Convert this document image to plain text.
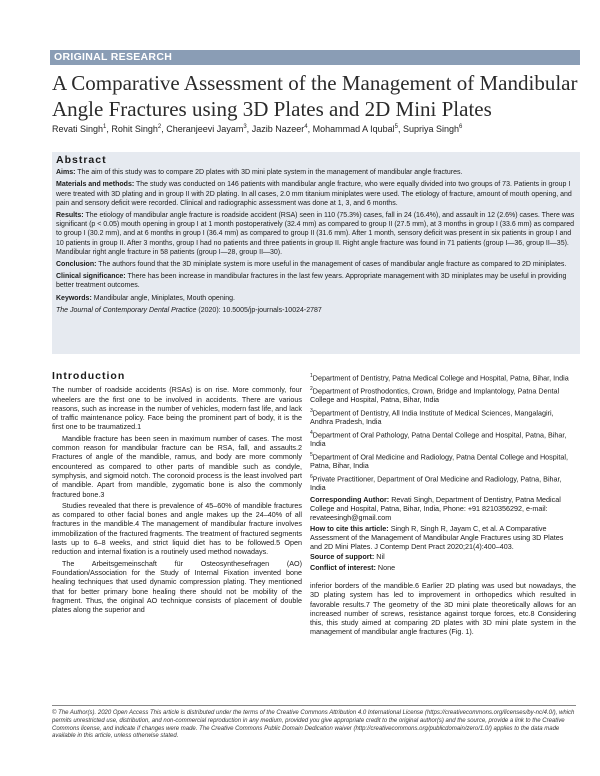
ORIGINAL RESEARCH
A Comparative Assessment of the Management of Mandibular Angle Fractures using 3D Plates and 2D Mini Plates
Revati Singh$^1$, Rohit Singh$^2$, Cheranjeevi Jayam$^3$, Jazib Nazeer$^4$, Mohammad A Iqubal$^5$, Supriya Singh$^6$
Abstract

Aims: The aim of this study was to compare 2D plates with 3D mini plate system in the management of mandibular angle fractures.

Materials and methods: The study was conducted on 146 patients with mandibular angle fracture, who were equally divided into two groups of 73. Patients in group I were treated with 3D plating and in group II with 2D plating. In all cases, 2.0 mm titanium miniplates were used. The etiology of fracture, amount of mouth opening, and pain and sensory deficit were recorded. Clinical and radiographic assessment was done at 1, 3, and 6 months.

Results: The etiology of mandibular angle fracture is roadside accident (RSA) seen in 110 (75.3%) cases, fall in 24 (16.4%), and assault in 12 (2.6%) cases. There was significant (p < 0.05) mouth opening in group I at 1 month postoperatively (32.4 mm) as compared to group II (27.5 mm), at 3 months in group I (33.6 mm) as compared to group I (30.2 mm), and at 6 months in group I (36.4 mm) as compared to group II (31.6 mm). After 1 month, sensory deficit was present in six patients in group I and 10 patients in group II. After 3 months, group I had no patients and three patients in group II. Right angle fracture was found in 71 patients (group I—36, group II—35). Mandibular right angle fracture in 58 patients (group I—28, group II—30).

Conclusion: The authors found that the 3D miniplate system is more useful in the management of cases of mandibular angle fracture as compared to 2D miniplates.

Clinical significance: There has been increase in mandibular fractures in the last few years. Appropriate management with 3D miniplates may be useful in providing better treatment outcomes.

Keywords: Mandibular angle, Miniplates, Mouth opening.

The Journal of Contemporary Dental Practice (2020): 10.5005/jp-journals-10024-2787

Introduction

The number of roadside accidents (RSAs) is on rise. More commonly, four wheelers are the first one to be involved in accidents. There are various reasons, such as increase in the number of vehicles, modern fast life, and lack of traffic maintenance policy. Face being the prominent part of body, it is the first one to be traumatized.1

Mandible fracture has been seen in maximum number of cases. The most common reason for mandibular fracture can be RSA, fall, and assaults.2 Fractures of angle of the mandible, ramus, and body are more commonly encountered as compared to other parts of mandible such as condyle, symphysis, and sigmoid notch. The coronoid process is the least involved part of mandible. Apart from mandible, zygomatic bone is also the commonly fractured bone.3

Studies revealed that there is prevalence of 45–60% of mandible fractures as compared to other facial bones and angle makes up the 24–40% of all fractures in the mandible.4 The management of mandibular fracture involves immobilization of the fractured fragments. The treatment of fractured segments lasts up to 6–8 weeks, and strict liquid diet has to be followed.5 Open reduction and internal fixation is a routinely used method nowadays.

The Arbeitsgemeinschaft für Osteosynthesefragen (AO) Foundation/Association for the Study of Internal Fixation invented bone healing techniques that used dynamic compression plating. They mentioned that for better primary bone healing there should not be mobility of the fragment. Thus, the original AO technique consists of placement of double plates along the superior and

$^1$Department of Dentistry, Patna Medical College and Hospital, Patna, Bihar, India
$^2$Department of Prosthodontics, Crown, Bridge and Implantology, Patna Dental College and Hospital, Patna, Bihar, India
$^3$Department of Dentistry, All India Institute of Medical Sciences, Mangalagiri, Andhra Pradesh, India
$^4$Department of Oral Pathology, Patna Dental College and Hospital, Patna, Bihar, India
$^5$Department of Oral Medicine and Radiology, Patna Dental College and Hospital, Patna, Bihar, India
$^6$Private Practitioner, Department of Oral Medicine and Radiology, Patna, Bihar, India
Corresponding Author: Revati Singh, Department of Dentistry, Patna Medical College and Hospital, Patna, Bihar, India, Phone: +91 8210356292, e-mail: revateesingh@gmail.com
How to cite this article: Singh R, Singh R, Jayam C, et al. A Comparative Assessment of the Management of Mandibular Angle Fractures using 3D Plates and 2D Mini Plates. J Contemp Dent Pract 2020;21(4):400–403.
Source of support: Nil
Conflict of interest: None

inferior borders of the mandible.6 Earlier 2D plating was used but nowadays, the 3D plating system has led to improvement in orthopedics which resulted in favorable results.7 The geometry of the 3D mini plate theoretically allows for an increased number of screws, resistance against torque forces, etc.8 Considering this, this study aimed at comparing 2D plates with 3D mini plate system in the management of mandibular angle fractures (Fig. 1).

© The Author(s). 2020 Open Access This article is distributed under the terms of the Creative Commons Attribution 4.0 International License (https://creativecommons.org/licenses/by-nc/4.0/), which permits unrestricted use, distribution, and non-commercial reproduction in any medium, provided you give appropriate credit to the original author(s) and the source, provide a link to the Creative Commons license, and indicate if changes were made. The Creative Commons Public Domain Dedication waiver (http://creativecommons.org/publicdomain/zero/1.0/) applies to the data made available in this article, unless otherwise stated.
